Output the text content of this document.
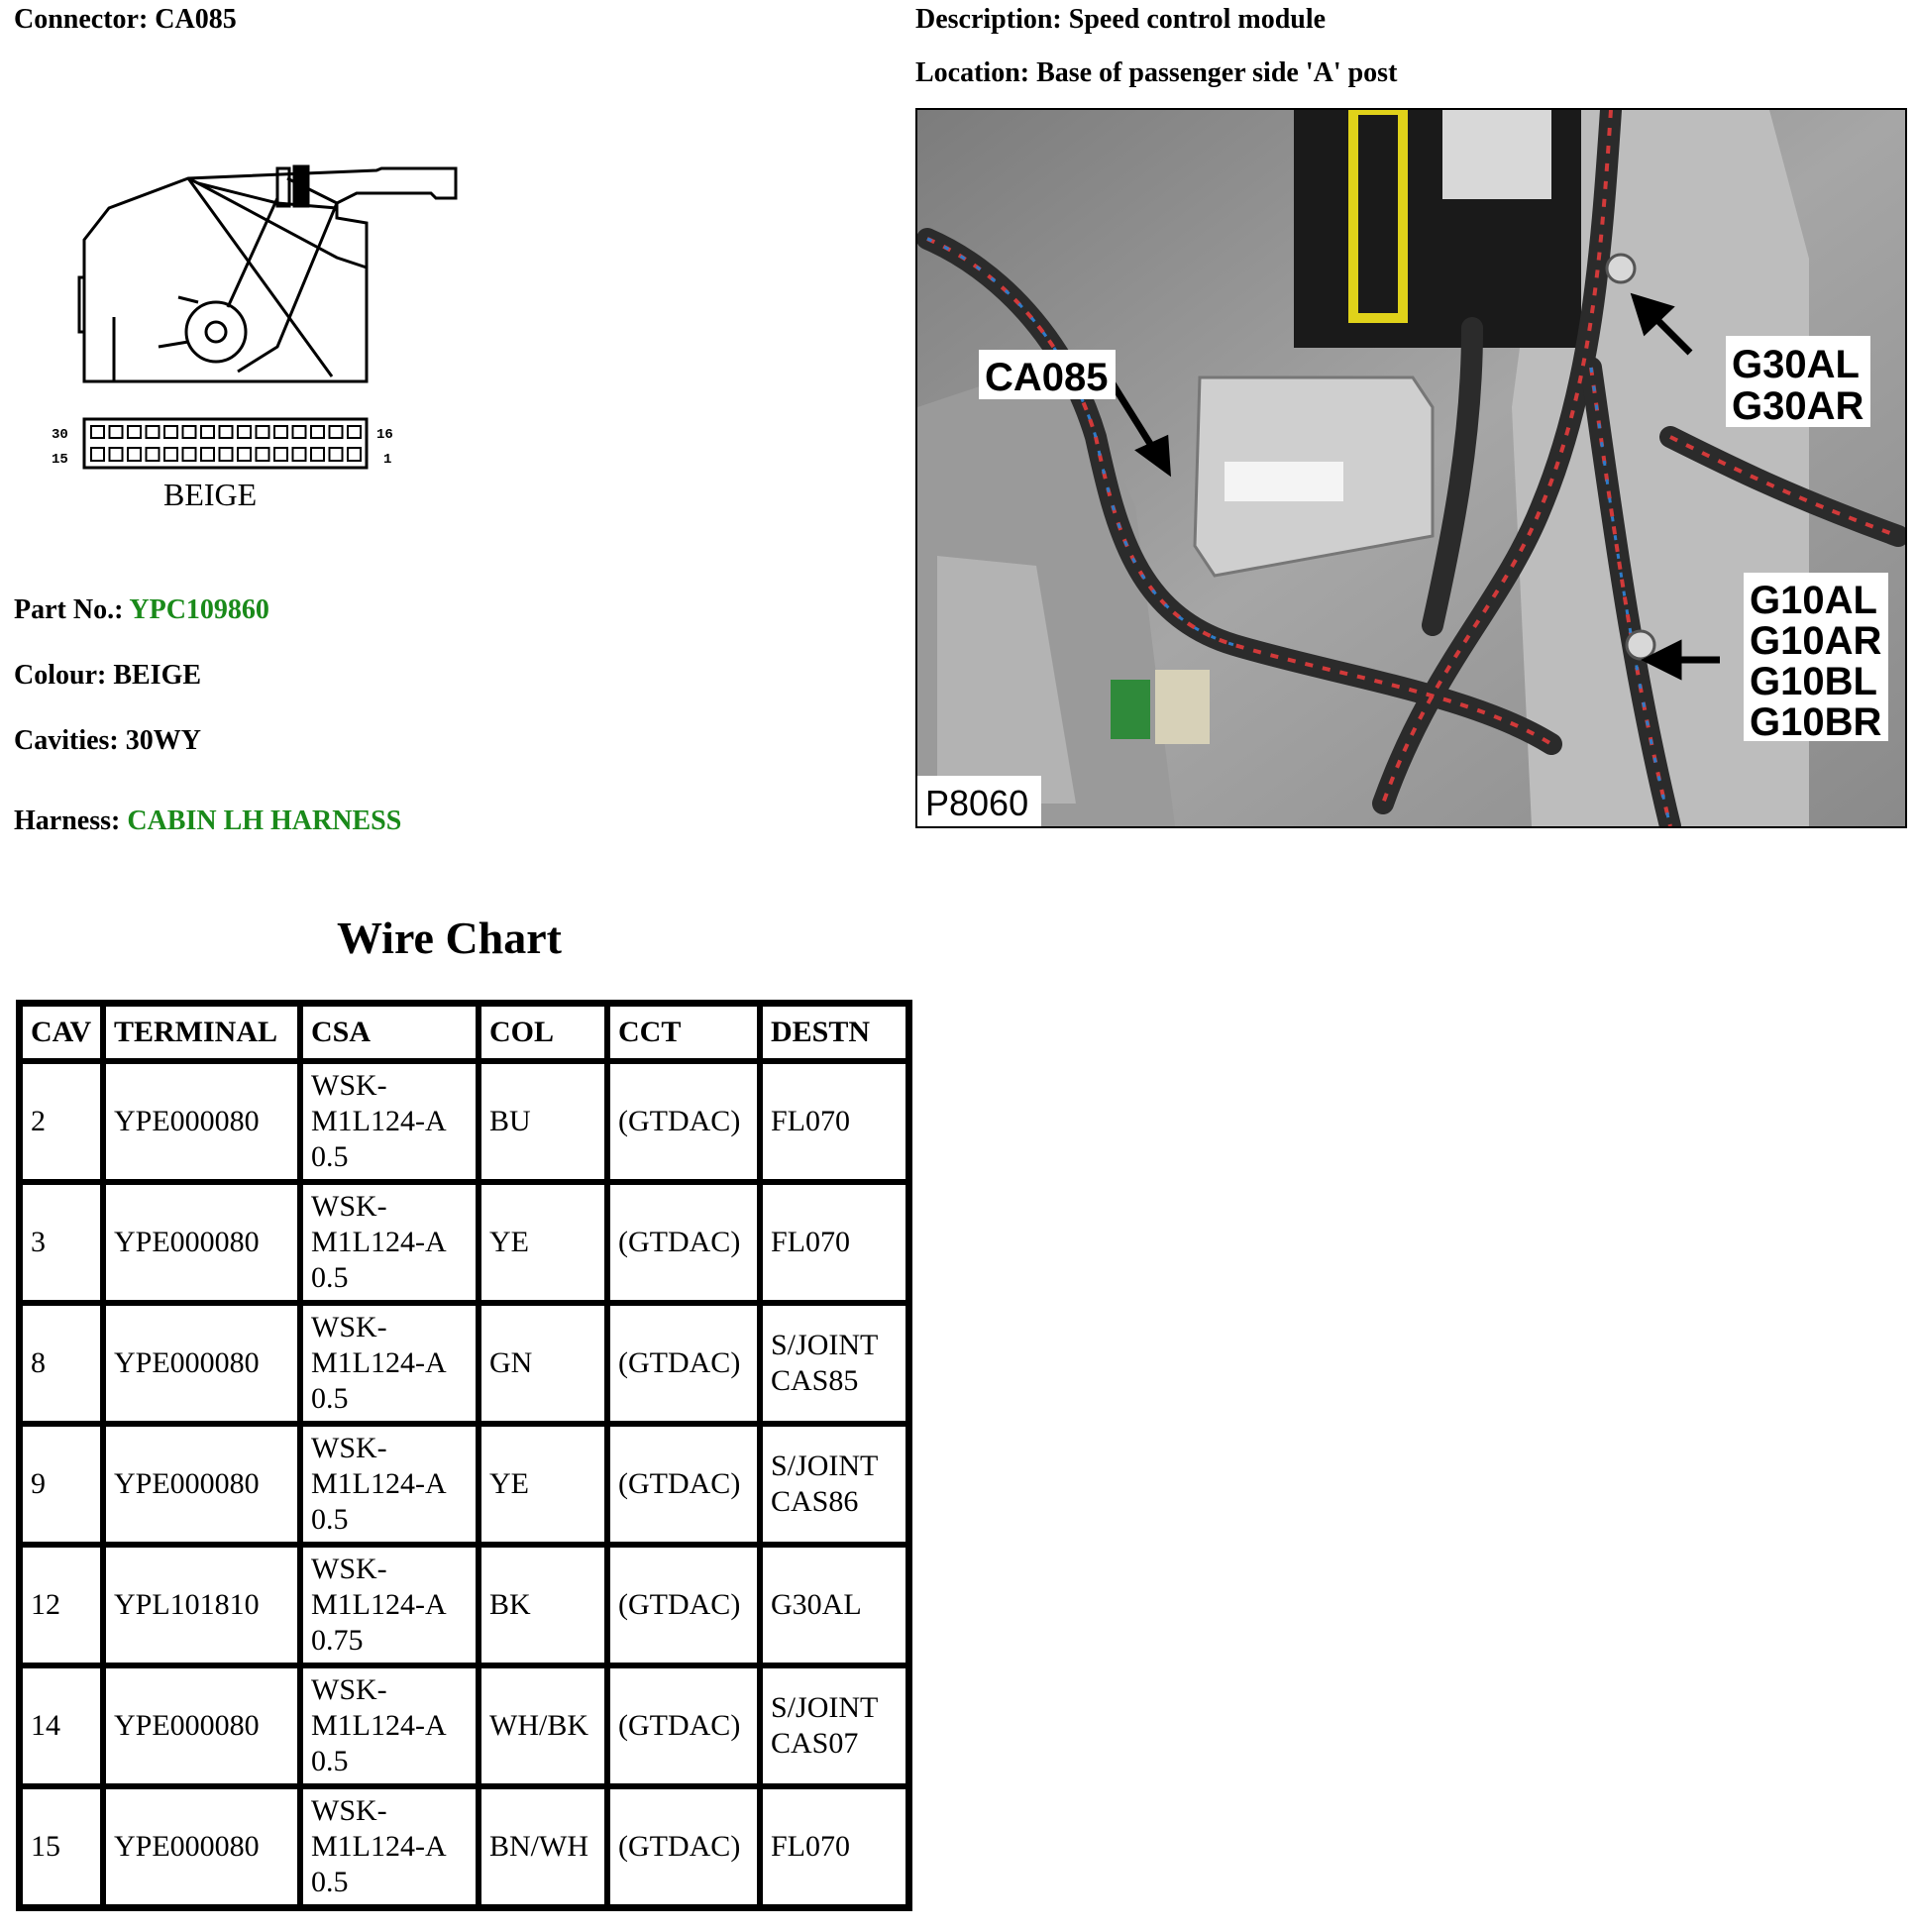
Connector: CA085	Description: Speed control module
Location: Base of passenger side 'A' post
30
15
16
1
BEIGE
Part No.: YPC109860
Colour: BEIGE
Cavities: 30WY
Harness: CABIN LH HARNESS
CA085	G30AL
G30AR
G10AL
G10AR
G10BL
G10BR
P8060
Wire Chart
CAV	TERMINAL	CSA	COL	CCT	DESTN
2	YPE000080	WSK-
M1L124-A
0.5	BU	(GTDAC)	FL070

3	YPE000080	WSK-
M1L124-A
0.5	YE	(GTDAC)	FL070

8	YPE000080	WSK-
M1L124-A
0.5	GN	(GTDAC)	S/JOINT
CAS85

9	YPE000080	WSK-
M1L124-A
0.5	YE	(GTDAC)	S/JOINT
CAS86

12	YPL101810	WSK-
M1L124-A
0.75	BK	(GTDAC)	G30AL

14	YPE000080	WSK-
M1L124-A
0.5	WH/BK	(GTDAC)	S/JOINT
CAS07

15	YPE000080	WSK-
M1L124-A
0.5	BN/WH	(GTDAC)	FL070
